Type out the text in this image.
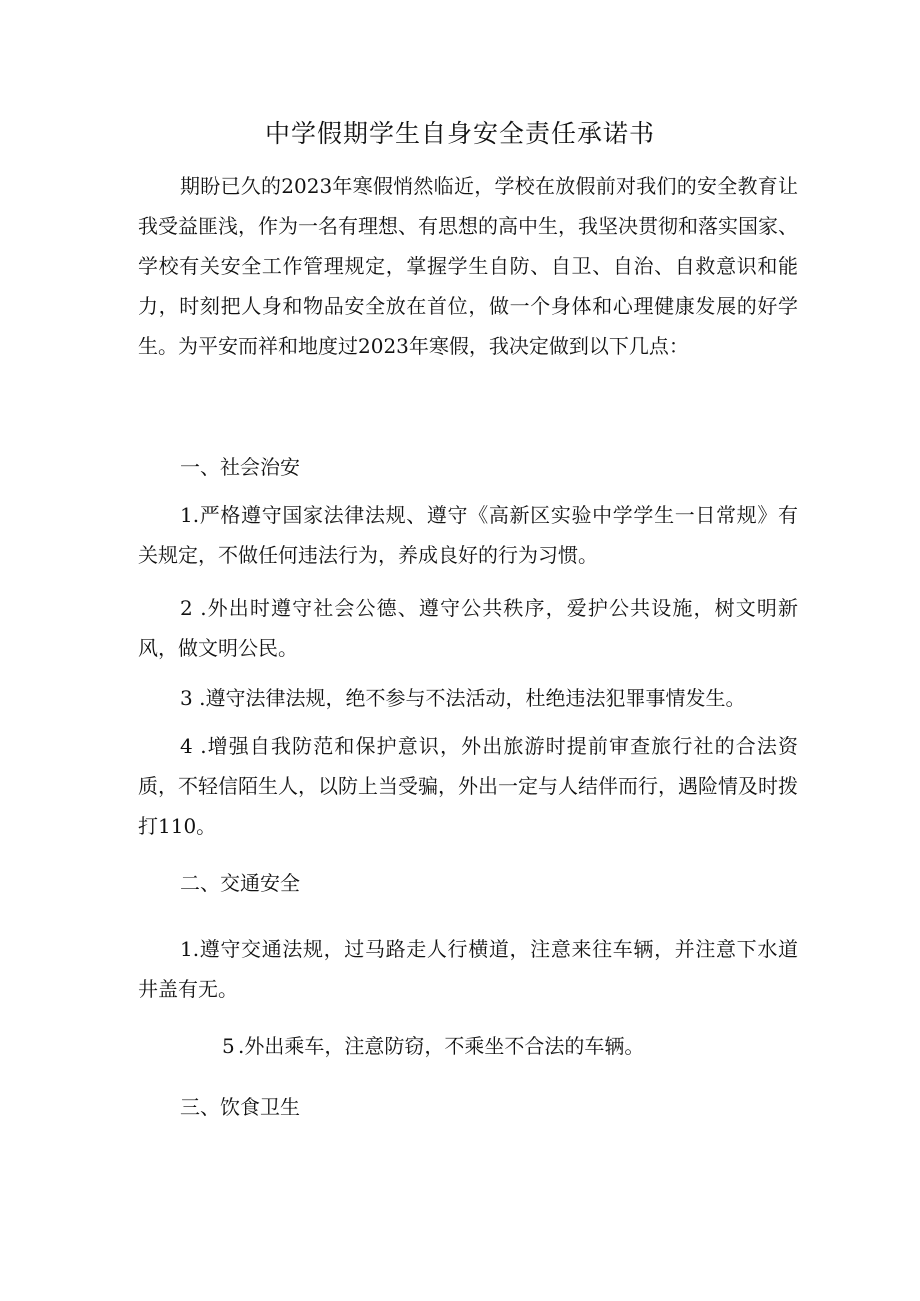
中学假期学生自身安全责任承诺书

期盼已久的2023年寒假悄然临近，学校在放假前对我们的安全教育让我受益匪浅，作为一名有理想、有思想的高中生，我坚决贯彻和落实国家、学校有关安全工作管理规定，掌握学生自防、自卫、自治、自救意识和能力，时刻把人身和物品安全放在首位，做一个身体和心理健康发展的好学生。为平安而祥和地度过2023年寒假，我决定做到以下几点：

一、社会治安

1.严格遵守国家法律法规、遵守《高新区实验中学学生一日常规》有关规定，不做任何违法行为，养成良好的行为习惯。

2 .外出时遵守社会公德、遵守公共秩序，爱护公共设施，树文明新风，做文明公民。

3 .遵守法律法规，绝不参与不法活动，杜绝违法犯罪事情发生。

4 .增强自我防范和保护意识，外出旅游时提前审查旅行社的合法资质，不轻信陌生人，以防上当受骗，外出一定与人结伴而行，遇险情及时拨打110。

二、交通安全

1.遵守交通法规，过马路走人行横道，注意来往车辆，并注意下水道井盖有无。

5 .外出乘车，注意防窃，不乘坐不合法的车辆。

三、饮食卫生
